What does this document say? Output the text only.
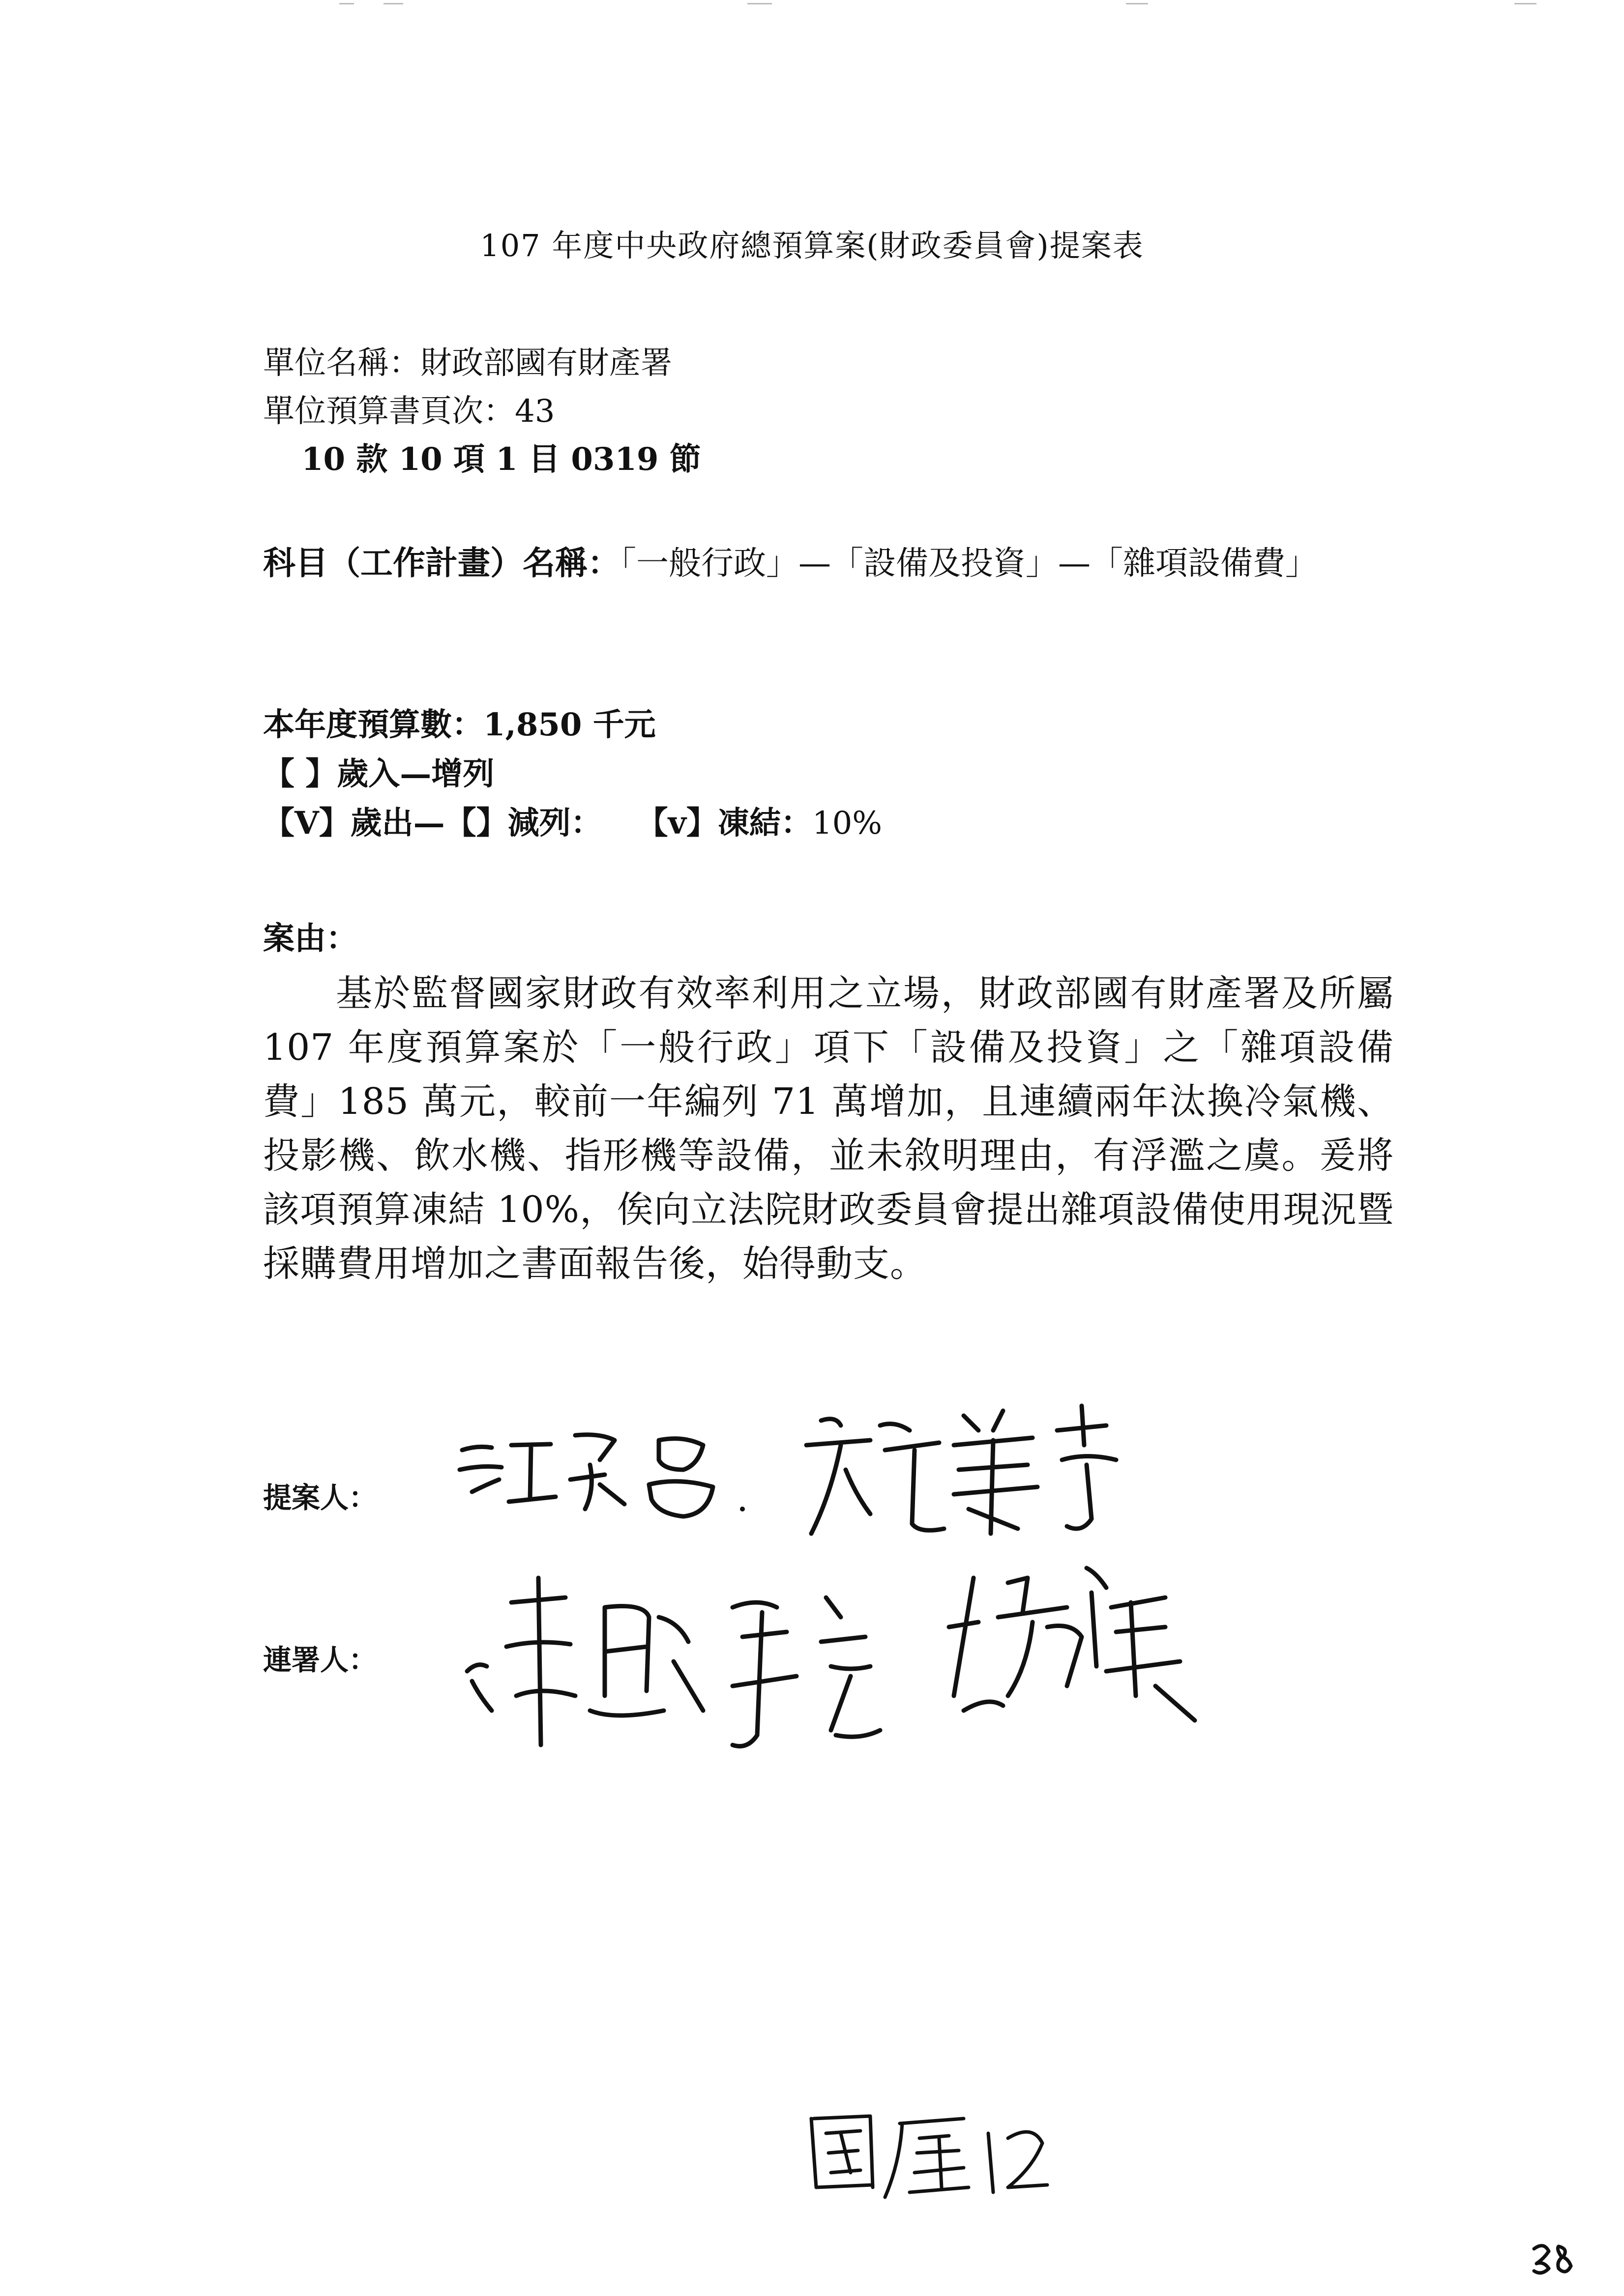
107 年度中央政府總預算案(財政委員會)提案表
單位名稱：財政部國有財產署
單位預算書頁次：43
10 款 10 項 1 目 0319 節
科目（工作計畫）名稱：「一般行政」—「設備及投資」—「雜項設備費」
本年度預算數：1,850 千元
【 】歲入—增列
【V】歲出—【】減列： 【v】凍結：10%
案由：
基於監督國家財政有效率利用之立場，財政部國有財產署及所屬 107 年度預算案於「一般行政」項下「設備及投資」之「雜項設備費」185 萬元，較前一年編列 71 萬增加，且連續兩年汰換冷氣機、投影機、飲水機、指形機等設備，並未敘明理由，有浮濫之虞。爰將該項預算凍結 10%，俟向立法院財政委員會提出雜項設備使用現況暨採購費用增加之書面報告後，始得動支。
提案人：
連署人：
